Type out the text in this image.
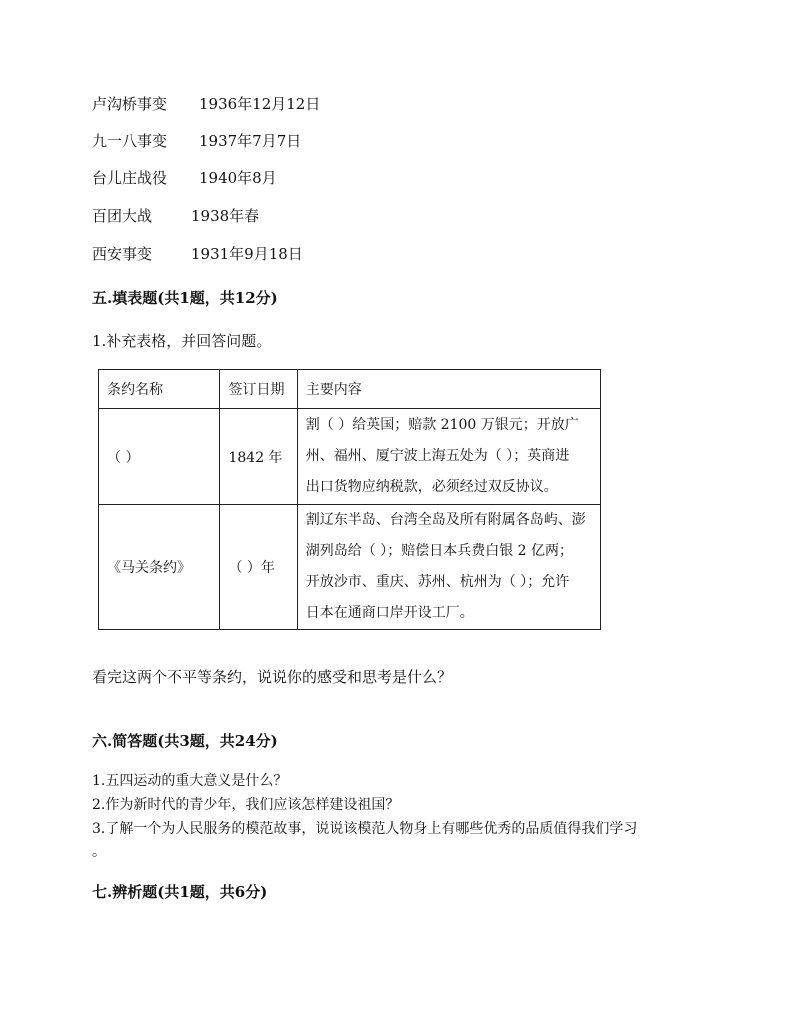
卢沟桥事变 1936年12月12日
九一八事变 1937年7月7日
台儿庄战役 1940年8月
百团大战	1938年春
西安事变	1931年9月18日
五.填表题(共1题，共12分)
1.补充表格，并回答问题。
条约名称	签订日期	主要内容
（ ）	1842 年	割（ ）给英国；赔款 2100 万银元；开放广
州、福州、厦宁波上海五处为（ ）；英商进
出口货物应纳税款，必须经过双反协议。

《马关条约》	（ ）年	割辽东半岛、台湾全岛及所有附属各岛屿、澎
湖列岛给（ ）；赔偿日本兵费白银 2 亿两；
开放沙市、重庆、苏州、杭州为（ ）；允许
日本在通商口岸开设工厂。
看完这两个不平等条约，说说你的感受和思考是什么？
六.简答题(共3题，共24分)
1.五四运动的重大意义是什么？
2.作为新时代的青少年，我们应该怎样建设祖国？
3.了解一个为人民服务的模范故事，说说该模范人物身上有哪些优秀的品质值得我们学习
。
七.辨析题(共1题，共6分)
